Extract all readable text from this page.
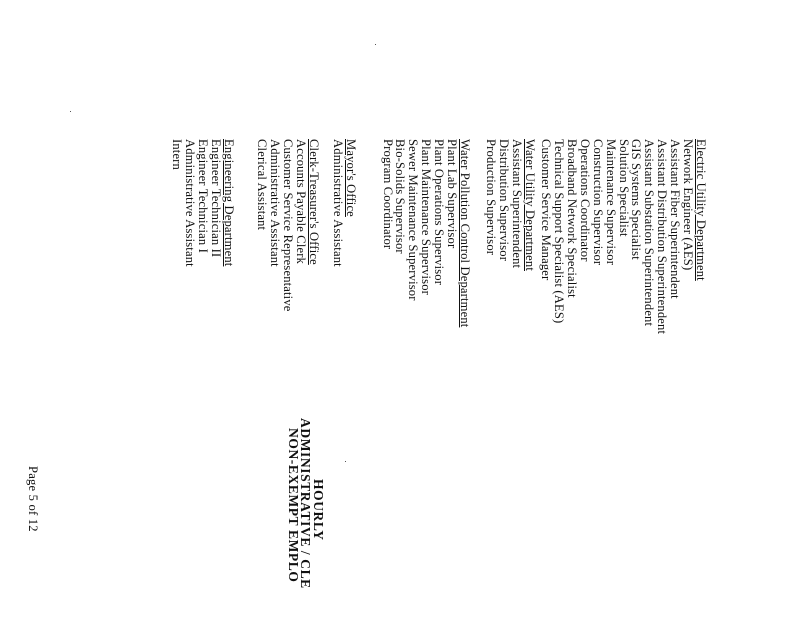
HOURLY
ADMINISTRATIVE / CLE
NON-EXEMPT EMPLO
Electric Utility Department
Network Engineer (AES)
Assistant Fiber Superintendent
Assistant Distribution Superintendent
Assistant Substation Superintendent
GIS Systems Specialist
Solution Specialist
Maintenance Supervisor
Construction Supervisor
Operations Coordinator
Broadband Network Specialist
Technical Support Specialist (AES)
Customer Service Manager
Water Utility Department
Assistant Superintendent
Distribution Supervisor
Production Supervisor
Water Pollution Control Department
Plant Lab Supervisor
Plant Operations Supervisor
Plant Maintenance Supervisor
Sewer Maintenance Supervisor
Bio-Solids Supervisor
Program Coordinator
Mayor's Office
Administrative Assistant
Clerk-Treasurer's Office
Accounts Payable Clerk
Customer Service Representative
Administrative Assistant
Clerical Assistant
Engineering Department
Engineer Technician II
Engineer Technician I
Administrative Assistant
Intern
Page 5 of 12
